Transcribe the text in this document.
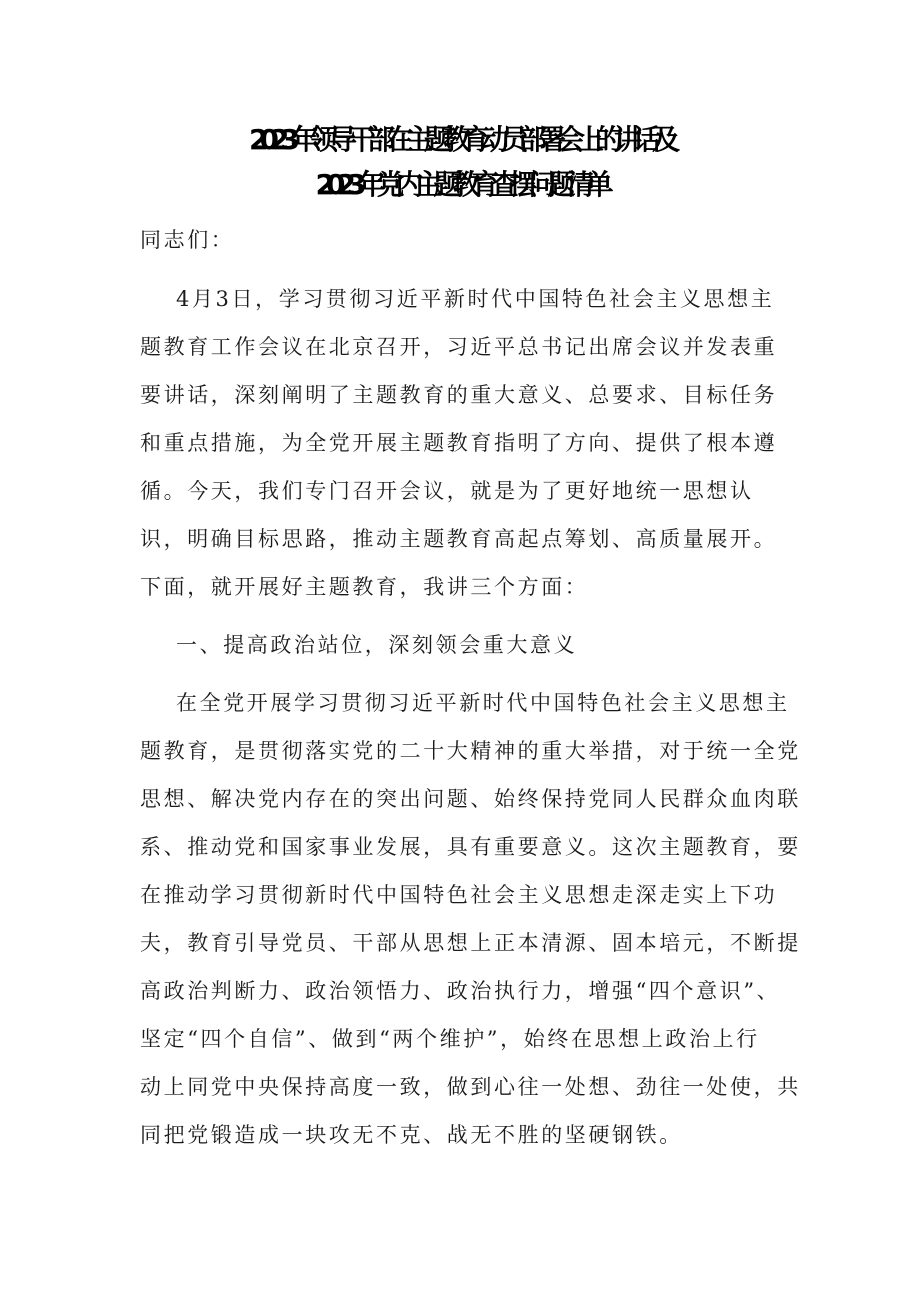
2023年领导干部在主题教育动员部署会上的讲话及
2023年党内主题教育查摆问题清单
同志们：
4月3日，学习贯彻习近平新时代中国特色社会主义思想主
题教育工作会议在北京召开，习近平总书记出席会议并发表重
要讲话，深刻阐明了主题教育的重大意义、总要求、目标任务
和重点措施，为全党开展主题教育指明了方向、提供了根本遵
循。今天，我们专门召开会议，就是为了更好地统一思想认
识，明确目标思路，推动主题教育高起点筹划、高质量展开。
下面，就开展好主题教育，我讲三个方面：
一、提高政治站位，深刻领会重大意义
在全党开展学习贯彻习近平新时代中国特色社会主义思想主
题教育，是贯彻落实党的二十大精神的重大举措，对于统一全党
思想、解决党内存在的突出问题、始终保持党同人民群众血肉联
系、推动党和国家事业发展，具有重要意义。这次主题教育，要
在推动学习贯彻新时代中国特色社会主义思想走深走实上下功
夫，教育引导党员、干部从思想上正本清源、固本培元，不断提
高政治判断力、政治领悟力、政治执行力，增强“四个意识”、
坚定“四个自信”、做到“两个维护”，始终在思想上政治上行
动上同党中央保持高度一致，做到心往一处想、劲往一处使，共
同把党锻造成一块攻无不克、战无不胜的坚硬钢铁。
